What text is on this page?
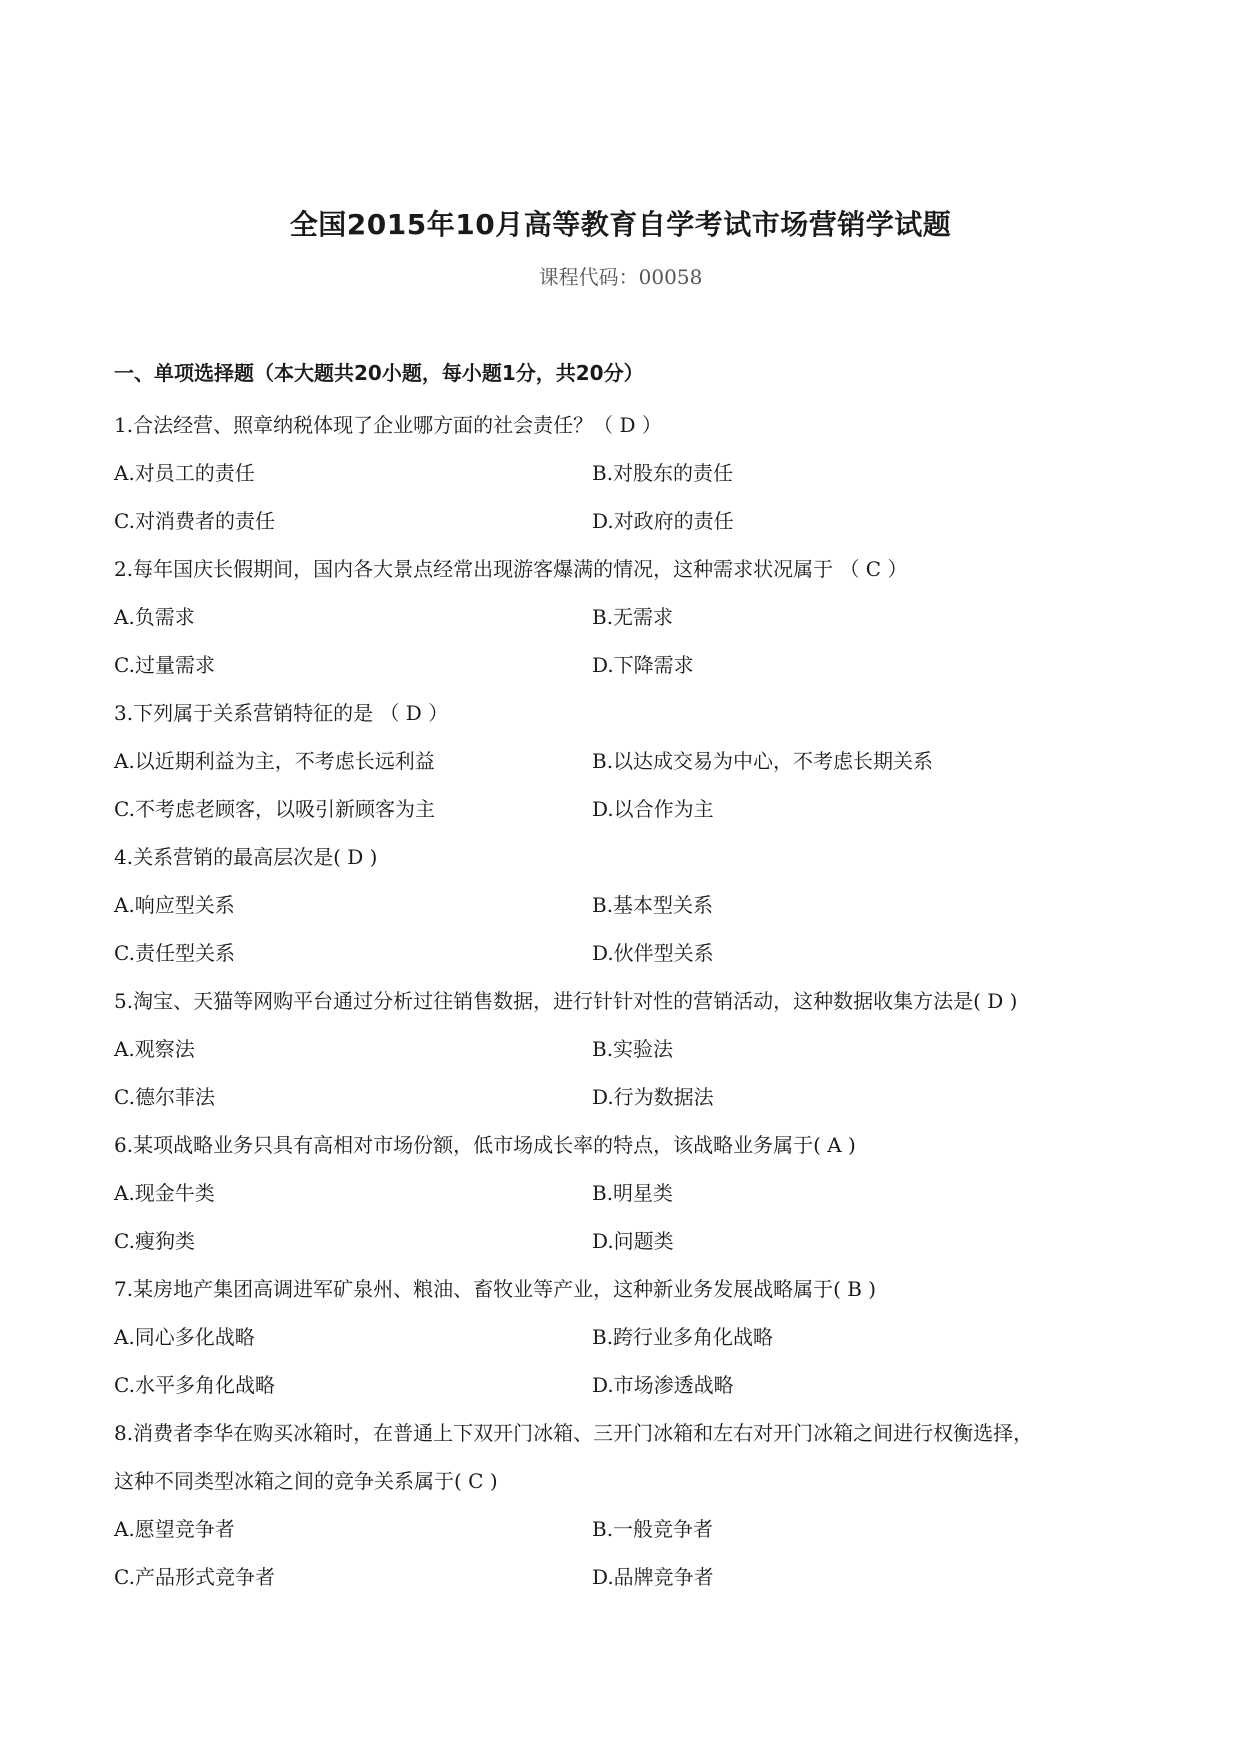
全国2015年10月高等教育自学考试市场营销学试题
课程代码：00058
一、单项选择题（本大题共20小题，每小题1分，共20分）
1.合法经营、照章纳税体现了企业哪方面的社会责任？（ D ）
A.对员工的责任	B.对股东的责任
C.对消费者的责任	D.对政府的责任
2.每年国庆长假期间，国内各大景点经常出现游客爆满的情况，这种需求状况属于 （ C ）
A.负需求	B.无需求
C.过量需求	D.下降需求
3.下列属于关系营销特征的是 （ D ）
A.以近期利益为主，不考虑长远利益	B.以达成交易为中心，不考虑长期关系
C.不考虑老顾客，以吸引新顾客为主	D.以合作为主
4.关系营销的最高层次是( D )
A.响应型关系	B.基本型关系
C.责任型关系	D.伙伴型关系
5.淘宝、天猫等网购平台通过分析过往销售数据，进行针针对性的营销活动，这种数据收集方法是( D )
A.观察法	B.实验法
C.德尔菲法	D.行为数据法
6.某项战略业务只具有高相对市场份额，低市场成长率的特点，该战略业务属于( A )
A.现金牛类	B.明星类
C.瘦狗类	D.问题类
7.某房地产集团高调进军矿泉州、粮油、畜牧业等产业，这种新业务发展战略属于( B )
A.同心多化战略	B.跨行业多角化战略
C.水平多角化战略	D.市场渗透战略
8.消费者李华在购买冰箱时，在普通上下双开门冰箱、三开门冰箱和左右对开门冰箱之间进行权衡选择，
这种不同类型冰箱之间的竞争关系属于( C )
A.愿望竞争者	B.一般竞争者
C.产品形式竞争者	D.品牌竞争者
